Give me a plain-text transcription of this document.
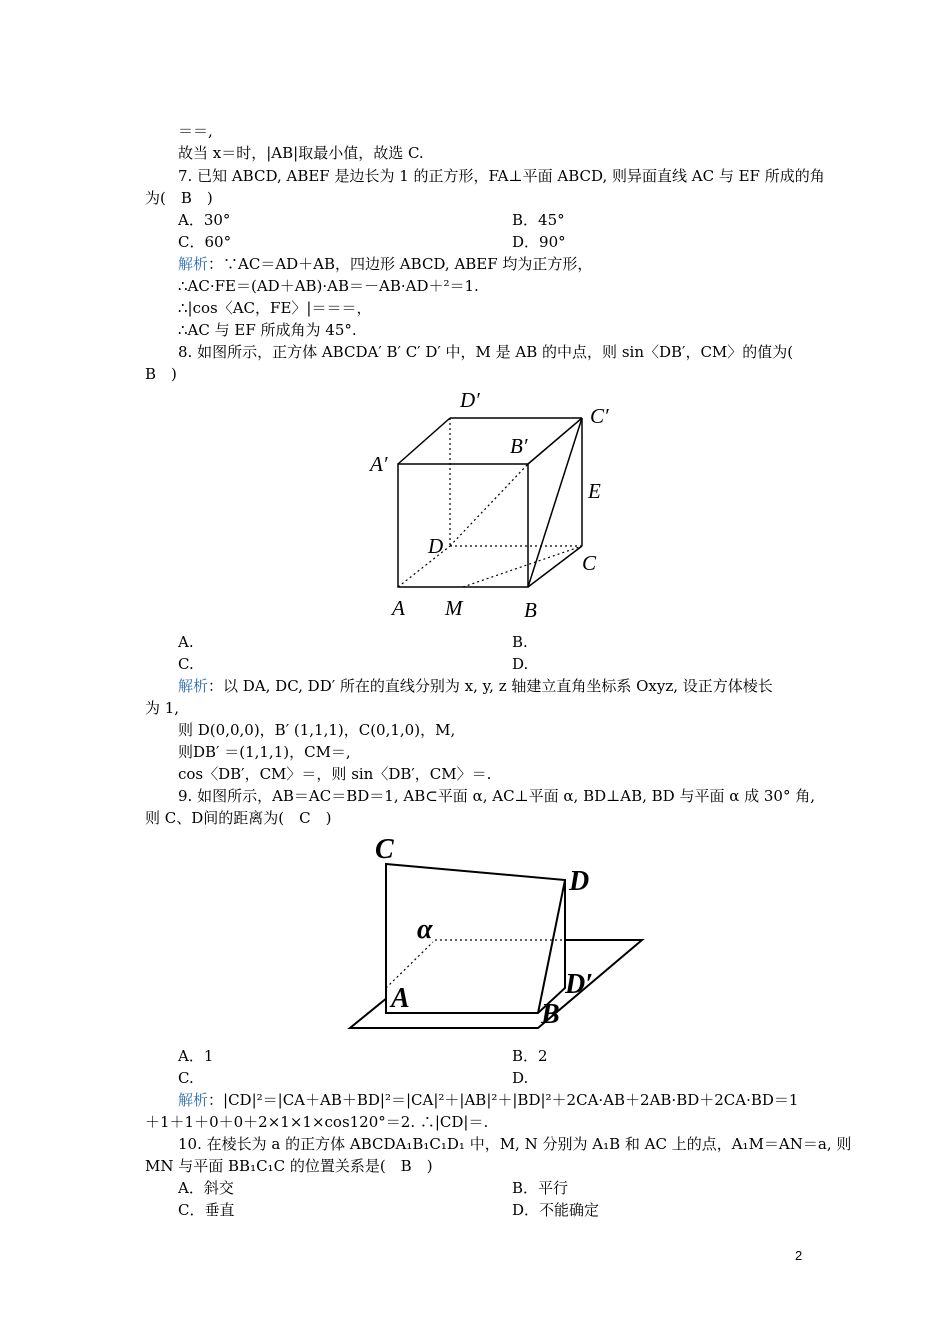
＝＝,
故当 x＝时，|AB|取最小值，故选 C.
7. 已知 ABCD, ABEF 是边长为 1 的正方形，FA⊥平面 ABCD, 则异面直线 AC 与 EF 所成的角
为(　B　)
A．30°	B．45°
C．60°	D．90°
解析：∵AC＝AD＋AB，四边形 ABCD, ABEF 均为正方形，
∴AC·FE＝(AD＋AB)·AB＝－AB·AD＋²＝1.
∴|cos〈AC，FE〉|＝＝＝，
∴AC 与 EF 所成角为 45°.
8. 如图所示，正方体 ABCDA′ B′ C′ D′ 中，M 是 AB 的中点，则 sin〈DB′，CM〉的值为(
B　)
D′
C′
B′
A′
E
D
C
A M	B
A.	B.
C.	D.
解析：以 DA, DC, DD′ 所在的直线分别为 x, y, z 轴建立直角坐标系 Oxyz, 设正方体棱长
为 1,
则 D(0,0,0)，B′ (1,1,1)，C(0,1,0)，M,
则DB′ ＝(1,1,1)，CM＝,
cos〈DB′，CM〉＝，则 sin〈DB′，CM〉＝.
9. 如图所示，AB＝AC＝BD＝1, AB⊂平面 α, AC⊥平面 α, BD⊥AB, BD 与平面 α 成 30° 角,
则 C、D间的距离为(　C　)
C
D
α
A	D′
B
A．1	B．2
C.	D.
解析：|CD|²＝|CA＋AB＋BD|²＝|CA|²＋|AB|²＋|BD|²＋2CA·AB＋2AB·BD＋2CA·BD＝1
＋1＋1＋0＋0＋2×1×1×cos120°＝2. ∴|CD|＝.
10. 在棱长为 a 的正方体 ABCDA₁B₁C₁D₁ 中，M, N 分别为 A₁B 和 AC 上的点，A₁M＝AN＝a, 则
MN 与平面 BB₁C₁C 的位置关系是(　B　)
A．斜交	B．平行
C．垂直	D．不能确定
2
